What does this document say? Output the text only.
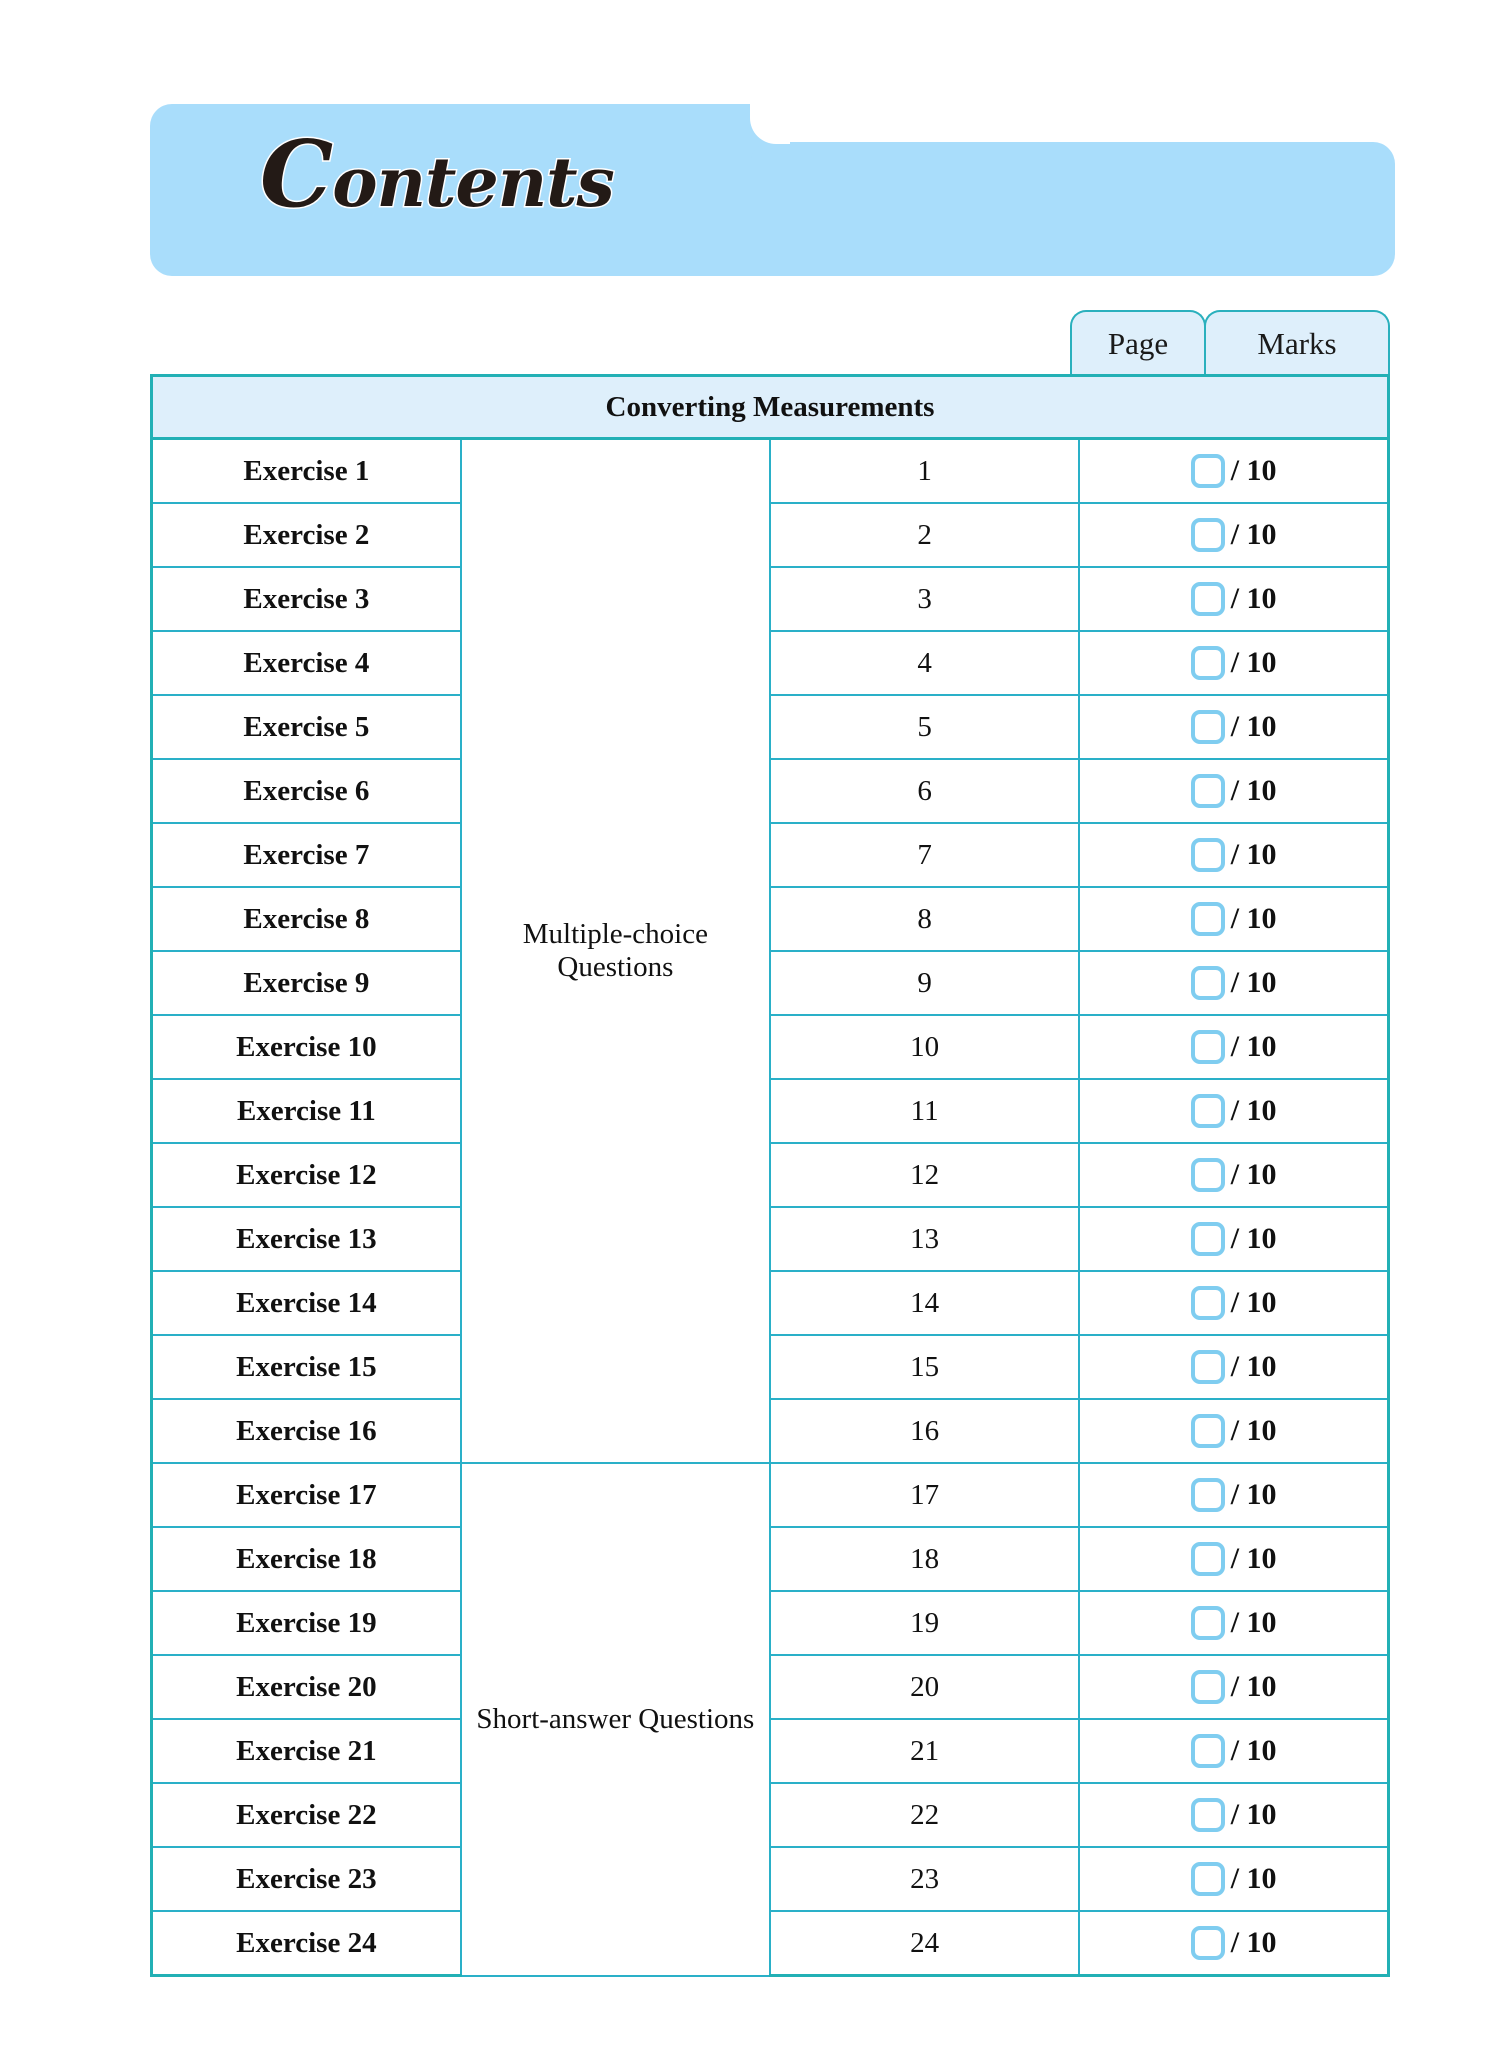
Contents
Page	Marks
Converting Measurements			
Exercise 1	Multiple-choice Questions	1	/ 10

Exercise 2		2	/ 10

Exercise 3		3	/ 10

Exercise 4		4	/ 10

Exercise 5		5	/ 10

Exercise 6		6	/ 10

Exercise 7		7	/ 10

Exercise 8		8	/ 10

Exercise 9		9	/ 10

Exercise 10		10	/ 10

Exercise 11		11	/ 10

Exercise 12		12	/ 10

Exercise 13		13	/ 10

Exercise 14		14	/ 10

Exercise 15		15	/ 10

Exercise 16		16	/ 10

Exercise 17	Short-answer Questions	17	/ 10

Exercise 18		18	/ 10

Exercise 19		19	/ 10

Exercise 20		20	/ 10

Exercise 21		21	/ 10

Exercise 22		22	/ 10

Exercise 23		23	/ 10

Exercise 24		24	/ 10
